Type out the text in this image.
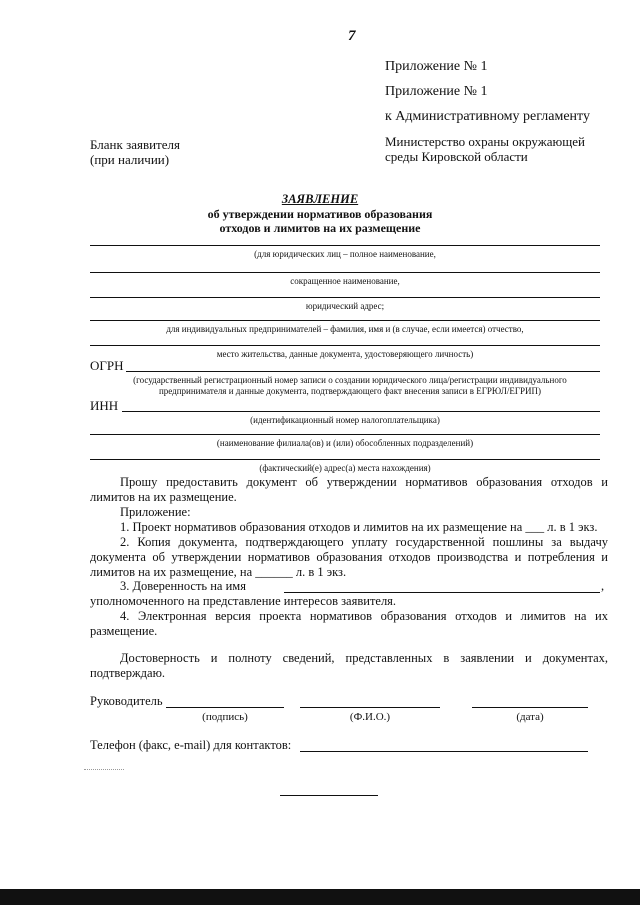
7
Приложение № 1
Приложение № 1
к Административному регламенту
Министерство охраны окружающей
среды Кировской области
Бланк заявителя
(при наличии)
ЗАЯВЛЕНИЕ
об утверждении нормативов образования
отходов и лимитов на их размещение
(для юридических лиц – полное наименование,
сокращенное наименование,
юридический адрес;
для индивидуальных предпринимателей – фамилия, имя и (в случае, если имеется) отчество,
место жительства, данные документа, удостоверяющего личность)
ОГРН
(государственный регистрационный номер записи о создании юридического лица/регистрации индивидуального
предпринимателя и данные документа, подтверждающего факт внесения записи в ЕГРЮЛ/ЕГРИП)
ИНН
(идентификационный номер налогоплательщика)
(наименование филиала(ов) и (или) обособленных подразделений)
(фактический(е) адрес(а) места нахождения)
Прошу предоставить документ об утверждении нормативов образования отходов и
лимитов на их размещение.
Приложение:
1. Проект нормативов образования отходов и лимитов на их размещение на ___ л. в 1 экз.
2. Копия документа, подтверждающего уплату государственной пошлины за выдачу
документа об утверждении нормативов образования отходов производства и потребления и
лимитов на их размещение, на ______ л. в 1 экз.
3. Доверенность на имя	,
уполномоченного на представление интересов заявителя.
4. Электронная версия проекта нормативов образования отходов и лимитов на их
размещение.
Достоверность и полноту сведений, представленных в заявлении и документах,
подтверждаю.
Руководитель
(подпись)	(Ф.И.О.)	(дата)
Телефон (факс, e-mail) для контактов:
